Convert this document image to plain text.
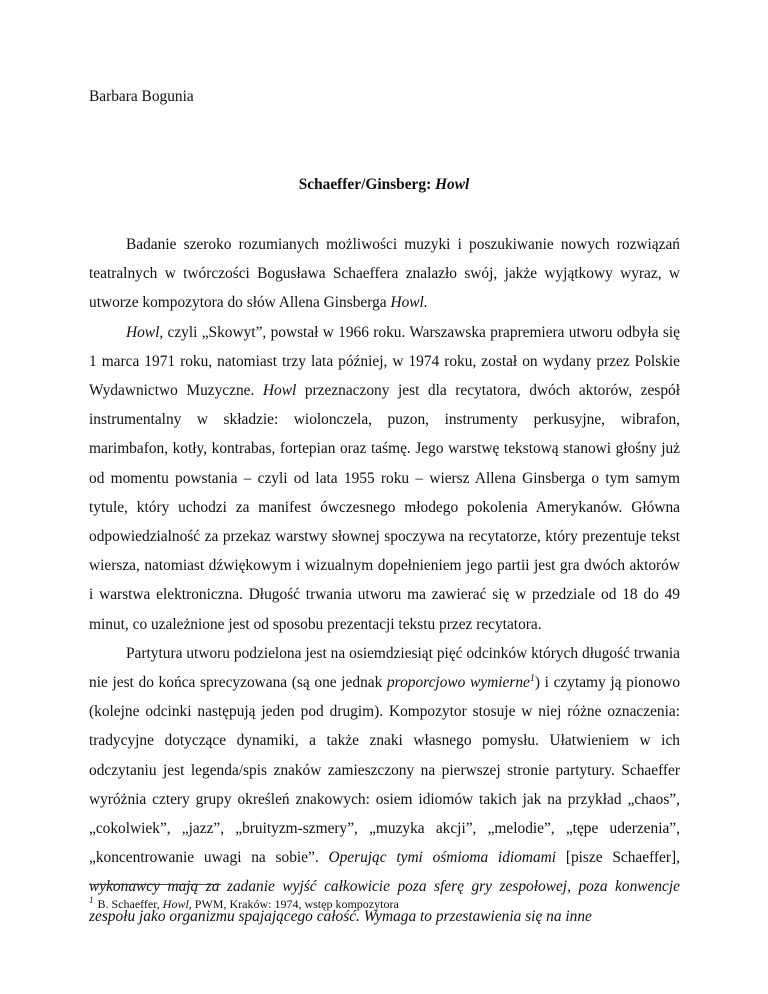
Barbara Bogunia
Schaeffer/Ginsberg: Howl

Badanie szeroko rozumianych możliwości muzyki i poszukiwanie nowych rozwiązań teatralnych w twórczości Bogusława Schaeffera znalazło swój, jakże wyjątkowy wyraz, w utworze kompozytora do słów Allena Ginsberga Howl.

Howl, czyli „Skowyt”, powstał w 1966 roku. Warszawska prapremiera utworu odbyła się 1 marca 1971 roku, natomiast trzy lata później, w 1974 roku, został on wydany przez Polskie Wydawnictwo Muzyczne. Howl przeznaczony jest dla recytatora, dwóch aktorów, zespół instrumentalny w składzie: wiolonczela, puzon, instrumenty perkusyjne, wibrafon, marimbafon, kotły, kontrabas, fortepian oraz taśmę. Jego warstwę tekstową stanowi głośny już od momentu powstania – czyli od lata 1955 roku – wiersz Allena Ginsberga o tym samym tytule, który uchodzi za manifest ówczesnego młodego pokolenia Amerykanów. Główna odpowiedzialność za przekaz warstwy słownej spoczywa na recytatorze, który prezentuje tekst wiersza, natomiast dźwiękowym i wizualnym dopełnieniem jego partii jest gra dwóch aktorów i warstwa elektroniczna. Długość trwania utworu ma zawierać się w przedziale od 18 do 49 minut, co uzależnione jest od sposobu prezentacji tekstu przez recytatora.

Partytura utworu podzielona jest na osiemdziesiąt pięć odcinków których długość trwania nie jest do końca sprecyzowana (są one jednak proporcjowo wymierne$^1$) i czytamy ją pionowo (kolejne odcinki następują jeden pod drugim). Kompozytor stosuje w niej różne oznaczenia: tradycyjne dotyczące dynamiki, a także znaki własnego pomysłu. Ułatwieniem w ich odczytaniu jest legenda/spis znaków zamieszczony na pierwszej stronie partytury. Schaeffer wyróżnia cztery grupy określeń znakowych: osiem idiomów takich jak na przykład „chaos”, „cokolwiek”, „jazz”, „bruityzm-szmery”, „muzyka akcji”, „melodie”, „tępe uderzenia”, „koncentrowanie uwagi na sobie”. Operując tymi ośmioma idiomami [pisze Schaeffer], wykonawcy mają za zadanie wyjść całkowicie poza sferę gry zespołowej, poza konwencje zespołu jako organizmu spajającego całość. Wymaga to przestawienia się na inne

$^1$ B. Schaeffer, Howl, PWM, Kraków: 1974, wstęp kompozytora
